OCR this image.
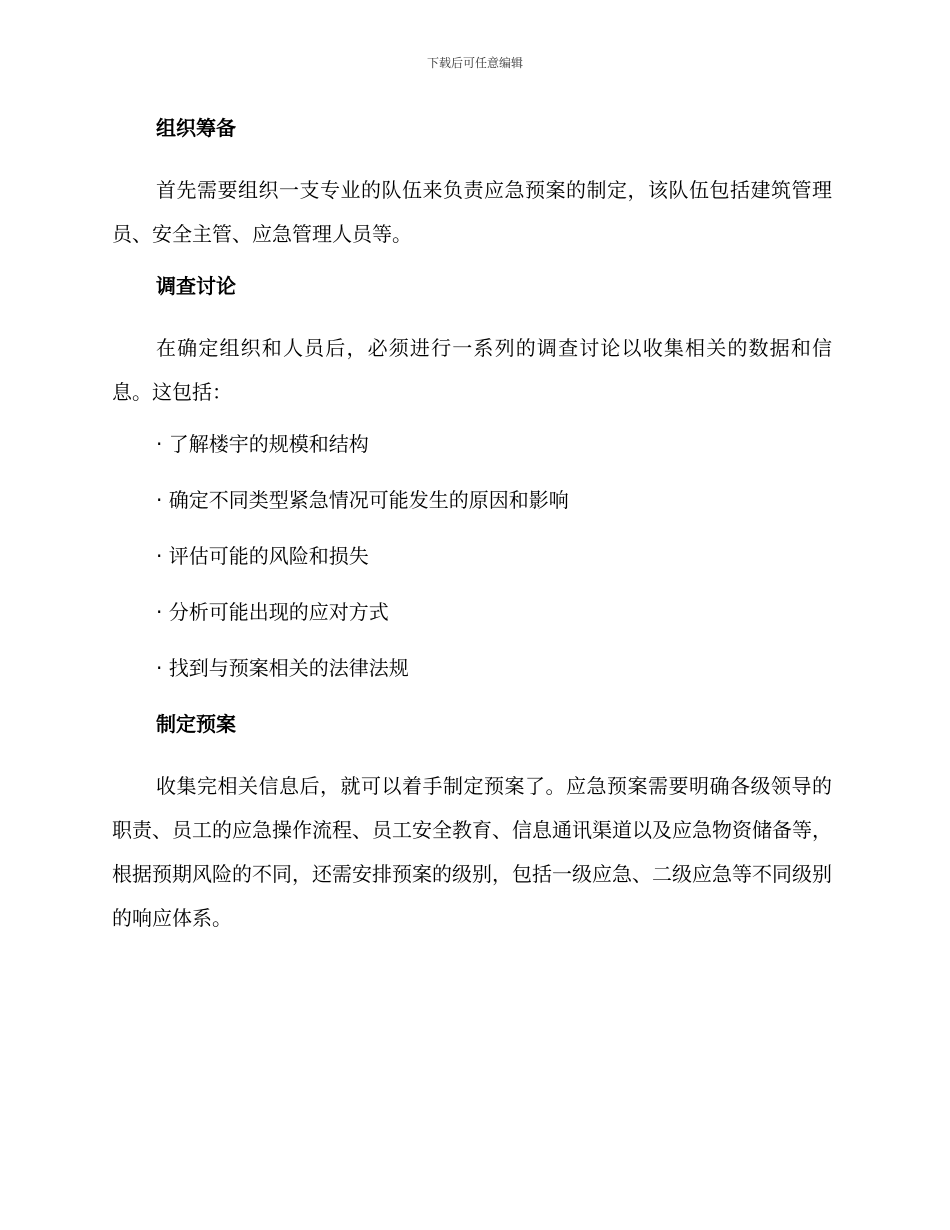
下载后可任意编辑
组织筹备

首先需要组织一支专业的队伍来负责应急预案的制定，该队伍包括建筑管理员、安全主管、应急管理人员等。

调查讨论

在确定组织和人员后，必须进行一系列的调查讨论以收集相关的数据和信息。这包括：

· 了解楼宇的规模和结构

· 确定不同类型紧急情况可能发生的原因和影响

· 评估可能的风险和损失

· 分析可能出现的应对方式

· 找到与预案相关的法律法规

制定预案

收集完相关信息后，就可以着手制定预案了。应急预案需要明确各级领导的职责、员工的应急操作流程、员工安全教育、信息通讯渠道以及应急物资储备等，根据预期风险的不同，还需安排预案的级别，包括一级应急、二级应急等不同级别的响应体系。
